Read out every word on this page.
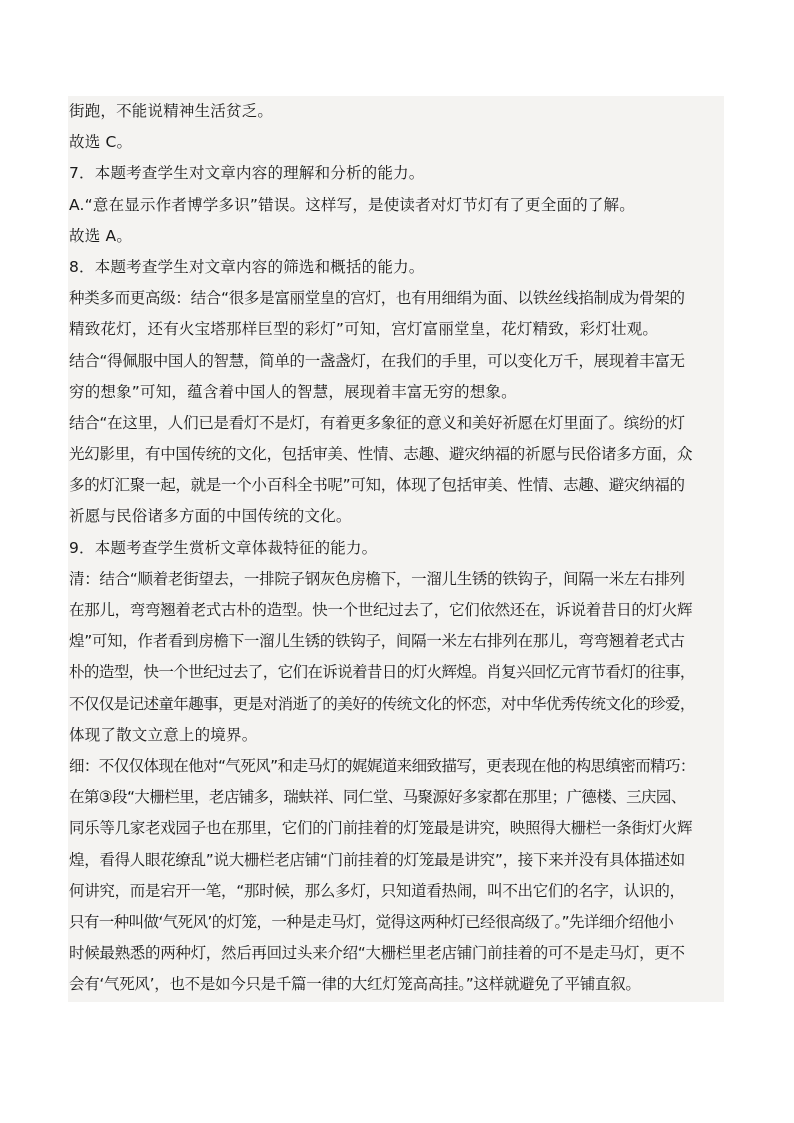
街跑，不能说精神生活贫乏。
故选 C。
7．本题考查学生对文章内容的理解和分析的能力。
A.“意在显示作者博学多识”错误。这样写，是使读者对灯节灯有了更全面的了解。
故选 A。
8．本题考查学生对文章内容的筛选和概括的能力。
种类多而更高级：结合“很多是富丽堂皇的宫灯，也有用细绢为面、以铁丝线掐制成为骨架的
精致花灯，还有火宝塔那样巨型的彩灯”可知，宫灯富丽堂皇，花灯精致，彩灯壮观。
结合“得佩服中国人的智慧，简单的一盏盏灯，在我们的手里，可以变化万千，展现着丰富无
穷的想象”可知，蕴含着中国人的智慧，展现着丰富无穷的想象。
结合“在这里，人们已是看灯不是灯，有着更多象征的意义和美好祈愿在灯里面了。缤纷的灯
光幻影里，有中国传统的文化，包括审美、性情、志趣、避灾纳福的祈愿与民俗诸多方面，众
多的灯汇聚一起，就是一个小百科全书呢”可知，体现了包括审美、性情、志趣、避灾纳福的
祈愿与民俗诸多方面的中国传统的文化。
9．本题考查学生赏析文章体裁特征的能力。
清：结合“顺着老街望去，一排院子钢灰色房檐下，一溜儿生锈的铁钩子，间隔一米左右排列
在那儿，弯弯翘着老式古朴的造型。快一个世纪过去了，它们依然还在，诉说着昔日的灯火辉
煌”可知，作者看到房檐下一溜儿生锈的铁钩子，间隔一米左右排列在那儿，弯弯翘着老式古
朴的造型，快一个世纪过去了，它们在诉说着昔日的灯火辉煌。肖复兴回忆元宵节看灯的往事，
不仅仅是记述童年趣事，更是对消逝了的美好的传统文化的怀恋，对中华优秀传统文化的珍爱，
体现了散文立意上的境界。
细：不仅仅体现在他对“气死风”和走马灯的娓娓道来细致描写，更表现在他的构思缜密而精巧：
在第③段“大栅栏里，老店铺多，瑞蚨祥、同仁堂、马聚源好多家都在那里；广德楼、三庆园、
同乐等几家老戏园子也在那里，它们的门前挂着的灯笼最是讲究，映照得大栅栏一条街灯火辉
煌，看得人眼花缭乱”说大栅栏老店铺“门前挂着的灯笼最是讲究”，接下来并没有具体描述如
何讲究，而是宕开一笔，“那时候，那么多灯，只知道看热闹，叫不出它们的名字，认识的，
只有一种叫做‘气死风’的灯笼，一种是走马灯，觉得这两种灯已经很高级了。”先详细介绍他小
时候最熟悉的两种灯，然后再回过头来介绍“大栅栏里老店铺门前挂着的可不是走马灯，更不
会有‘气死风’，也不是如今只是千篇一律的大红灯笼高高挂。”这样就避免了平铺直叙。
